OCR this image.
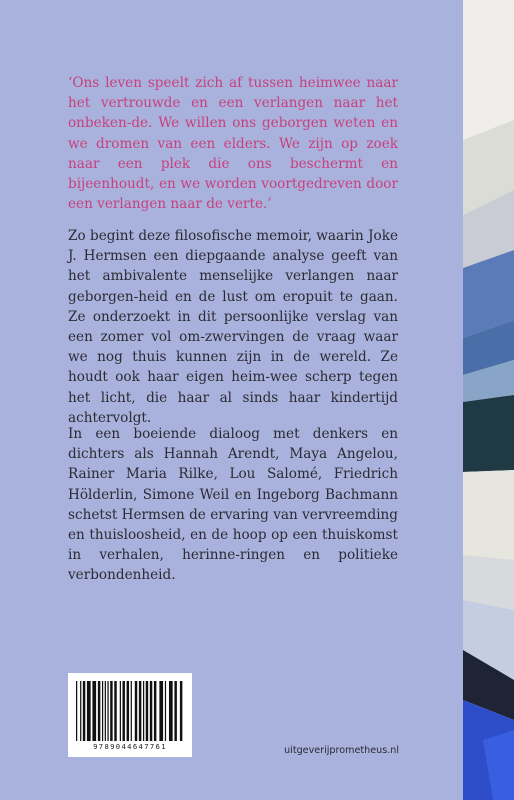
‘Ons leven speelt zich af tussen heimwee naar het vertrouwde en een verlangen naar het onbeken-de. We willen ons geborgen weten en we dromen van een elders. We zijn op zoek naar een plek die ons beschermt en bijeenhoudt, en we worden voortgedreven door een verlangen naar de verte.’

Zo begint deze filosofische memoir, waarin Joke J. Hermsen een diepgaande analyse geeft van het ambivalente menselijke verlangen naar geborgen-heid en de lust om eropuit te gaan. Ze onderzoekt in dit persoonlijke verslag van een zomer vol om-zwervingen de vraag waar we nog thuis kunnen zijn in de wereld. Ze houdt ook haar eigen heim-wee scherp tegen het licht, die haar al sinds haar kindertijd achtervolgt.

In een boeiende dialoog met denkers en dichters als Hannah Arendt, Maya Angelou, Rainer Maria Rilke, Lou Salomé, Friedrich Hölderlin, Simone Weil en Ingeborg Bachmann schetst Hermsen de ervaring van vervreemding en thuisloosheid, en de hoop op een thuiskomst in verhalen, herinne-ringen en politieke verbondenheid.

9789044647761	uitgeverijprometheus.nl
